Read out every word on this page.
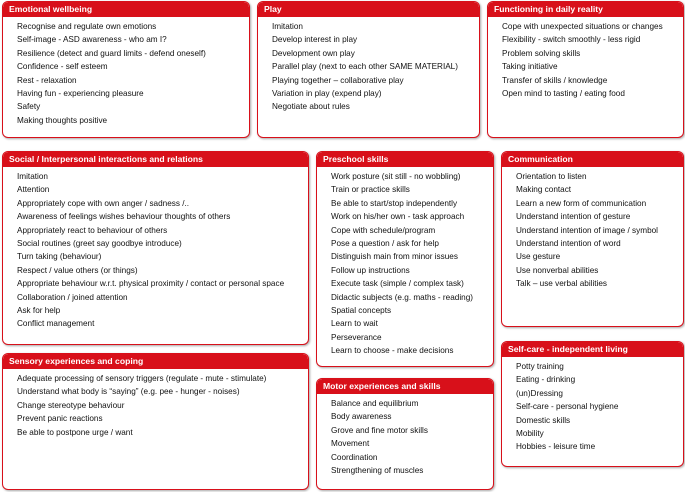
Emotional wellbeing
Recognise and regulate own emotions
Self-image - ASD awareness - who am I?
Resilience (detect and guard limits - defend oneself)
Confidence - self esteem
Rest - relaxation
Having fun - experiencing pleasure
Safety
Making thoughts positive
Play
Imitation
Develop interest in play
Development own play
Parallel play (next to each other SAME MATERIAL)
Playing together – collaborative play
Variation in play (expend play)
Negotiate about rules
Functioning in daily reality
Cope with unexpected situations or changes
Flexibility - switch smoothly - less rigid
Problem solving skills
Taking initiative
Transfer of skills / knowledge
Open mind to tasting / eating food
Social / Interpersonal interactions and relations
Imitation
Attention
Appropriately cope with own anger / sadness /..
Awareness of feelings wishes behaviour thoughts of others
Appropriately react to behaviour of others
Social routines (greet say goodbye introduce)
Turn taking (behaviour)
Respect / value others (or things)
Appropriate behaviour w.r.t. physical proximity / contact or personal space
Collaboration / joined attention
Ask for help
Conflict management
Preschool skills
Work posture (sit still - no wobbling)
Train or practice skills
Be able to start/stop independently
Work on his/her own - task approach
Cope with schedule/program
Pose a question / ask for help
Distinguish main from minor issues
Follow up instructions
Execute task (simple / complex task)
Didactic subjects (e.g. maths - reading)
Spatial concepts
Learn to wait
Perseverance
Learn to choose - make decisions
Communication
Orientation to listen
Making contact
Learn a new form of communication
Understand intention of gesture
Understand intention of image / symbol
Understand intention of word
Use gesture
Use nonverbal abilities
Talk – use verbal abilities
Sensory experiences and coping
Adequate processing of sensory triggers (regulate - mute - stimulate)
Understand what body is “saying” (e.g. pee - hunger - noises)
Change stereotype behaviour
Prevent panic reactions
Be able to postpone urge / want
Motor experiences and skills
Balance and equilibrium
Body awareness
Grove and fine motor skills
Movement
Coordination
Strengthening of muscles
Self-care - independent living
Potty training
Eating - drinking
(un)Dressing
Self-care - personal hygiene
Domestic skills
Mobility
Hobbies - leisure time
